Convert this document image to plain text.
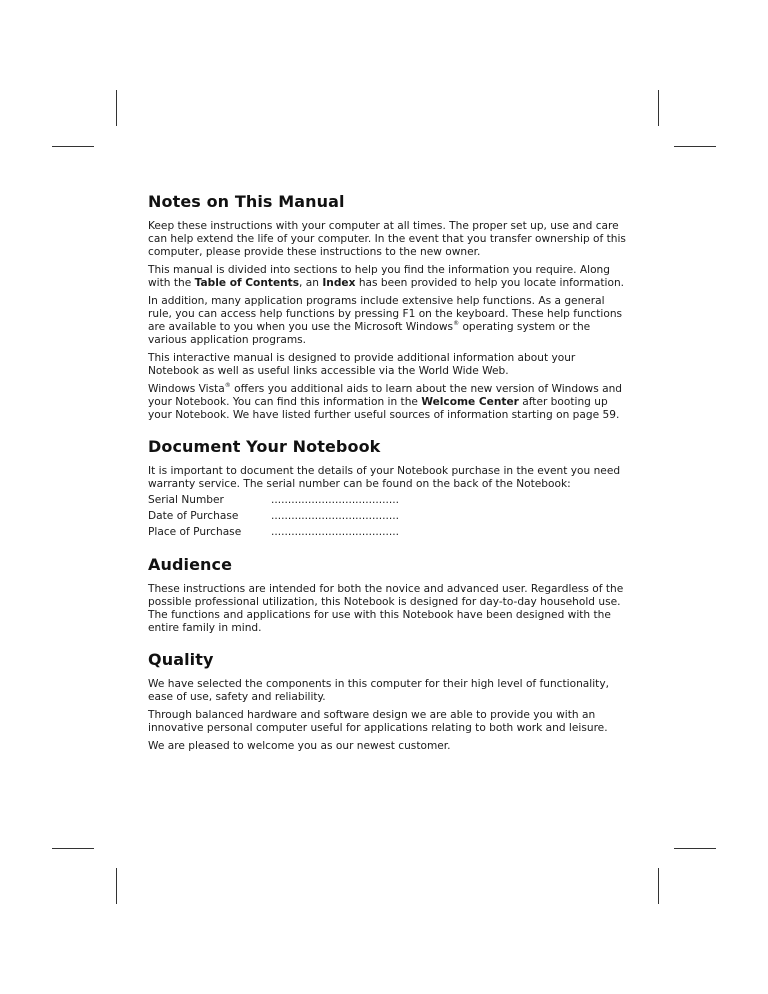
Notes on This Manual

Keep these instructions with your computer at all times. The proper set up, use and care can help extend the life of your computer. In the event that you transfer ownership of this computer, please provide these instructions to the new owner.

This manual is divided into sections to help you find the information you require. Along with the Table of Contents, an Index has been provided to help you locate information.

In addition, many application programs include extensive help functions. As a general rule, you can access help functions by pressing F1 on the keyboard. These help functions are available to you when you use the Microsoft Windows® operating system or the various application programs.

This interactive manual is designed to provide additional information about your Notebook as well as useful links accessible via the World Wide Web.

Windows Vista® offers you additional aids to learn about the new version of Windows and your Notebook. You can find this information in the Welcome Center after booting up your Notebook. We have listed further useful sources of information starting on page 59.

Document Your Notebook

It is important to document the details of your Notebook purchase in the event you need warranty service. The serial number can be found on the back of the Notebook:

Serial Number	......................................
Date of Purchase	......................................
Place of Purchase	......................................
Audience

These instructions are intended for both the novice and advanced user. Regardless of the possible professional utilization, this Notebook is designed for day-to-day household use. The functions and applications for use with this Notebook have been designed with the entire family in mind.

Quality

We have selected the components in this computer for their high level of functionality, ease of use, safety and reliability.

Through balanced hardware and software design we are able to provide you with an innovative personal computer useful for applications relating to both work and leisure.

We are pleased to welcome you as our newest customer.
